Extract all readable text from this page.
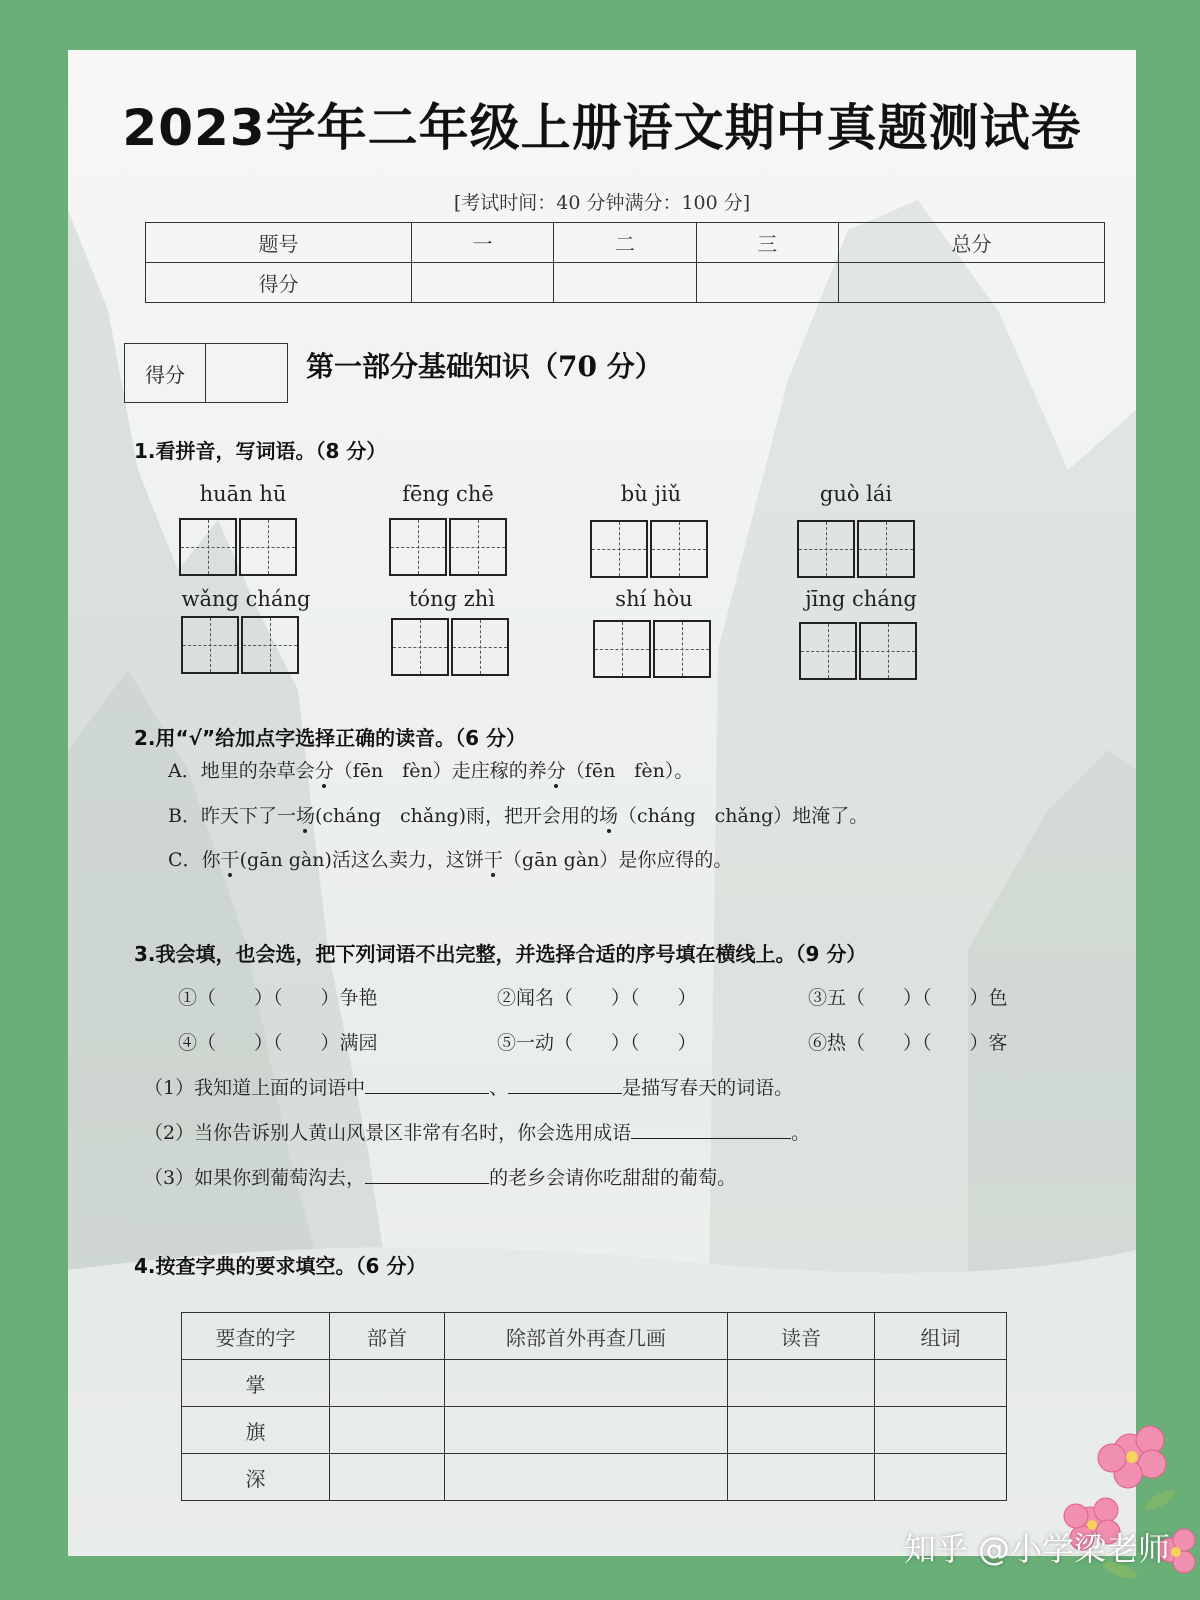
2023学年二年级上册语文期中真题测试卷
[考试时间：40 分钟满分：100 分]
题号	一	二	三	总分
得分				
得分	第一部分基础知识（70 分）
1.看拼音，写词语。（8 分）
huān hū	fēng chē	bù jiǔ	guò lái
wǎng cháng	tóng zhì	shí hòu	jīng cháng
2.用“√”给加点字选择正确的读音。（6 分）
A．地里的杂草会分（fēn　fèn）走庄稼的养分（fēn　fèn）。
B．昨天下了一场(cháng　chǎng)雨，把开会用的场（cháng　chǎng）地淹了。
C．你干(gān gàn)活这么卖力，这饼干（gān gàn）是你应得的。
3.我会填，也会选，把下列词语不出完整，并选择合适的序号填在横线上。（9 分）
①（　　）（　　）争艳	②闻名（　　）（　　）	③五（　　）（　　）色
④（　　）（　　）满园	⑤一动（　　）（　　）	⑥热（　　）（　　）客
（1）我知道上面的词语中	、	是描写春天的词语。
（2）当你告诉别人黄山风景区非常有名时，你会选用成语	。
（3）如果你到葡萄沟去，	的老乡会请你吃甜甜的葡萄。
4.按查字典的要求填空。（6 分）
要查的字	部首	除部首外再查几画	读音	组词
掌				
旗				
深				
知乎 @小学梁老师
